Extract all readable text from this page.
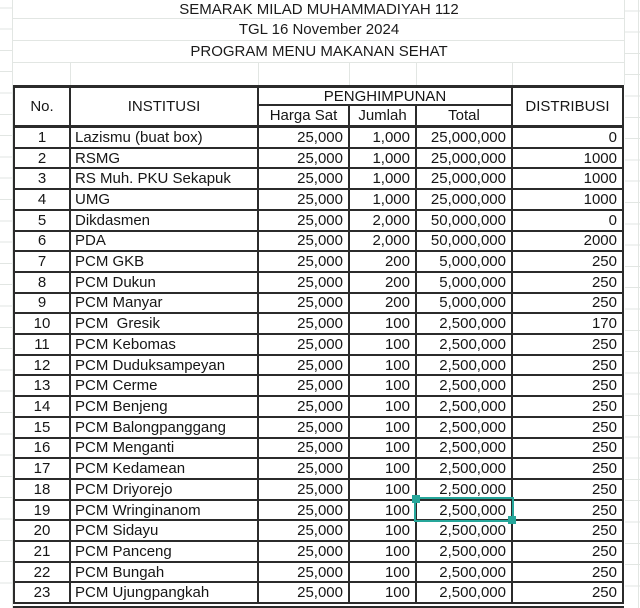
SEMARAK MILAD MUHAMMADIYAH 112
TGL 16 November 2024
PROGRAM MENU MAKANAN SEHAT
No.	INSTITUSI
PENGHIMPUNAN
Harga Sat	Jumlah	Total
DISTRIBUSI
1	Lazismu (buat box)	25,000	1,000	25,000,000	0
2	RSMG	25,000	1,000	25,000,000	1000
3	RS Muh. PKU Sekapuk	25,000	1,000	25,000,000	1000
4	UMG	25,000	1,000	25,000,000	1000
5	Dikdasmen	25,000	2,000	50,000,000	0
6	PDA	25,000	2,000	50,000,000	2000
7	PCM GKB	25,000	200	5,000,000	250
8	PCM Dukun	25,000	200	5,000,000	250
9	PCM Manyar	25,000	200	5,000,000	250
10	PCM  Gresik	25,000	100	2,500,000	170
11	PCM Kebomas	25,000	100	2,500,000	250
12	PCM Duduksampeyan	25,000	100	2,500,000	250
13	PCM Cerme	25,000	100	2,500,000	250
14	PCM Benjeng	25,000	100	2,500,000	250
15	PCM Balongpanggang	25,000	100	2,500,000	250
16	PCM Menganti	25,000	100	2,500,000	250
17	PCM Kedamean	25,000	100	2,500,000	250
18	PCM Driyorejo	25,000	100	2,500,000	250
19	PCM Wringinanom	25,000	100	2,500,000	250
20	PCM Sidayu	25,000	100	2,500,000	250
21	PCM Panceng	25,000	100	2,500,000	250
22	PCM Bungah	25,000	100	2,500,000	250
23	PCM Ujungpangkah	25,000	100	2,500,000	250
